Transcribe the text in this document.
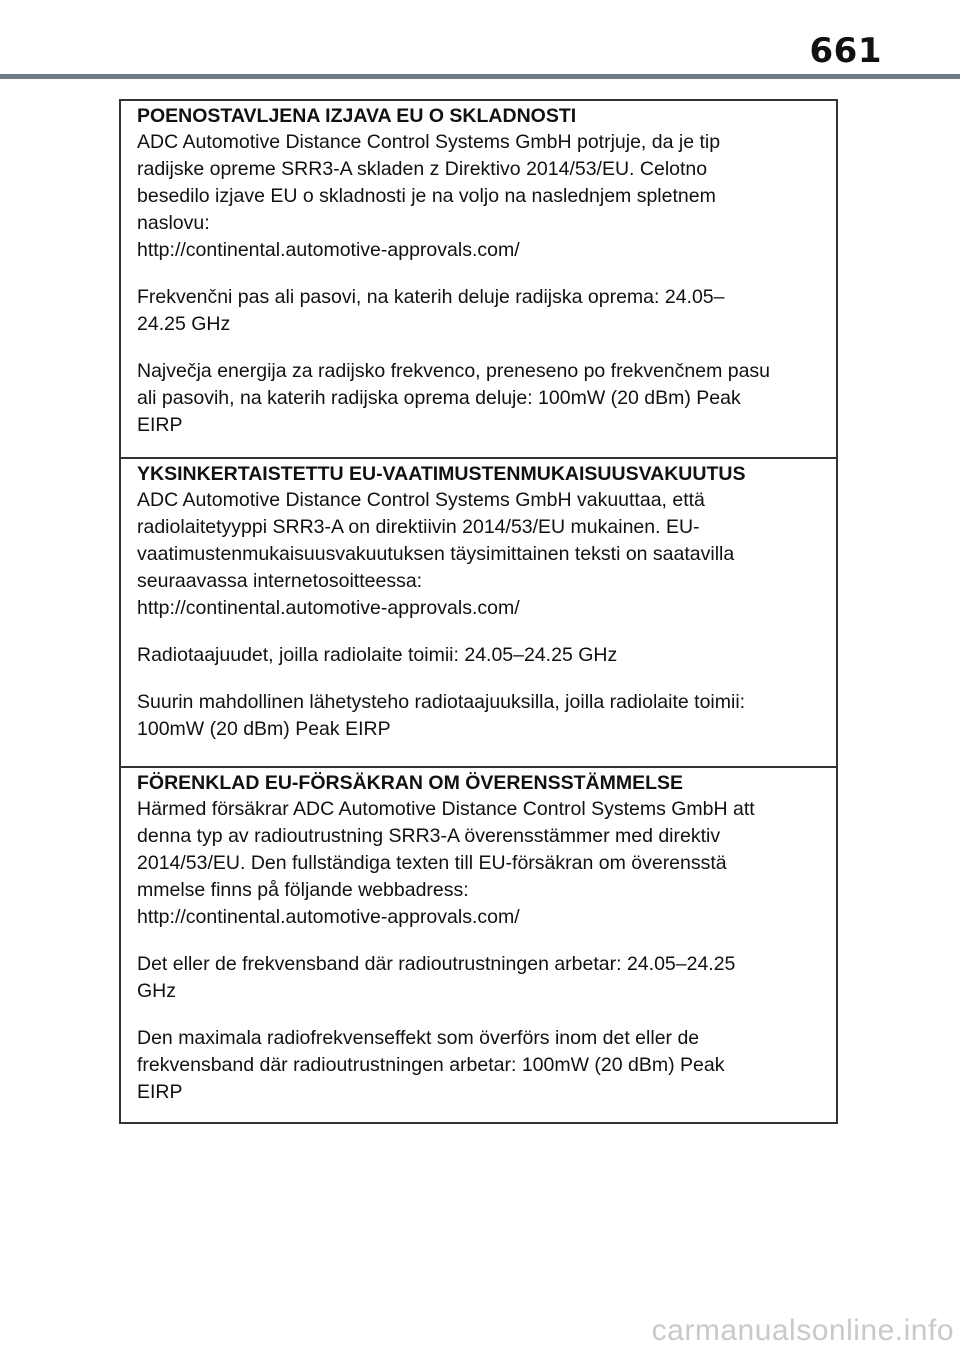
661
POENOSTAVLJENA IZJAVA EU O SKLADNOSTI

ADC Automotive Distance Control Systems GmbH potrjuje, da je tip
radijske opreme SRR3-A skladen z Direktivo 2014/53/EU. Celotno
besedilo izjave EU o skladnosti je na voljo na naslednjem spletnem
naslovu:
http://continental.automotive-approvals.com/

Frekvenčni pas ali pasovi, na katerih deluje radijska oprema: 24.05–
24.25 GHz

Največja energija za radijsko frekvenco, preneseno po frekvenčnem pasu
ali pasovih, na katerih radijska oprema deluje: 100mW (20 dBm) Peak
EIRP

YKSINKERTAISTETTU EU-VAATIMUSTENMUKAISUUSVAKUUTUS

ADC Automotive Distance Control Systems GmbH vakuuttaa, että
radiolaitetyyppi SRR3-A on direktiivin 2014/53/EU mukainen. EU-
vaatimustenmukaisuusvakuutuksen täysimittainen teksti on saatavilla
seuraavassa internetosoitteessa:
http://continental.automotive-approvals.com/

Radiotaajuudet, joilla radiolaite toimii: 24.05–24.25 GHz

Suurin mahdollinen lähetysteho radiotaajuuksilla, joilla radiolaite toimii:
100mW (20 dBm) Peak EIRP

FÖRENKLAD EU-FÖRSÄKRAN OM ÖVERENSSTÄMMELSE

Härmed försäkrar ADC Automotive Distance Control Systems GmbH att
denna typ av radioutrustning SRR3-A överensstämmer med direktiv
2014/53/EU. Den fullständiga texten till EU-försäkran om överensstä
mmelse finns på följande webbadress:
http://continental.automotive-approvals.com/

Det eller de frekvensband där radioutrustningen arbetar: 24.05–24.25
GHz

Den maximala radiofrekvenseffekt som överförs inom det eller de
frekvensband där radioutrustningen arbetar: 100mW (20 dBm) Peak
EIRP

carmanualsonline.info
